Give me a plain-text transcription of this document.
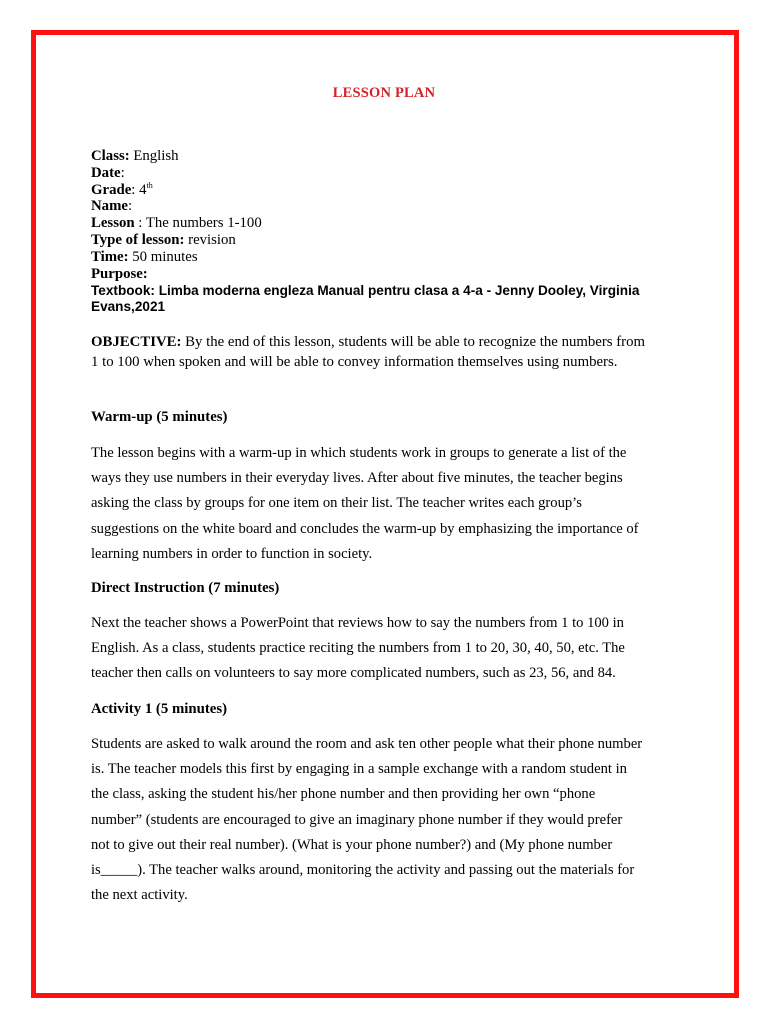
LESSON PLAN
Class: English
Date:
Grade: 4th
Name:
Lesson : The numbers 1-100
Type of lesson: revision
Time: 50 minutes
Purpose:
Textbook: Limba moderna engleza Manual pentru clasa a 4-a - Jenny Dooley, Virginia
Evans,2021
OBJECTIVE: By the end of this lesson, students will be able to recognize the numbers from
1 to 100 when spoken and will be able to convey information themselves using numbers.
Warm-up (5 minutes)
The lesson begins with a warm-up in which students work in groups to generate a list of the
ways they use numbers in their everyday lives. After about five minutes, the teacher begins
asking the class by groups for one item on their list. The teacher writes each group’s
suggestions on the white board and concludes the warm-up by emphasizing the importance of
learning numbers in order to function in society.
Direct Instruction (7 minutes)
Next the teacher shows a PowerPoint that reviews how to say the numbers from 1 to 100 in
English. As a class, students practice reciting the numbers from 1 to 20, 30, 40, 50, etc. The
teacher then calls on volunteers to say more complicated numbers, such as 23, 56, and 84.
Activity 1 (5 minutes)
Students are asked to walk around the room and ask ten other people what their phone number
is. The teacher models this first by engaging in a sample exchange with a random student in
the class, asking the student his/her phone number and then providing her own “phone
number” (students are encouraged to give an imaginary phone number if they would prefer
not to give out their real number). (What is your phone number?) and (My phone number
is_____). The teacher walks around, monitoring the activity and passing out the materials for
the next activity.
